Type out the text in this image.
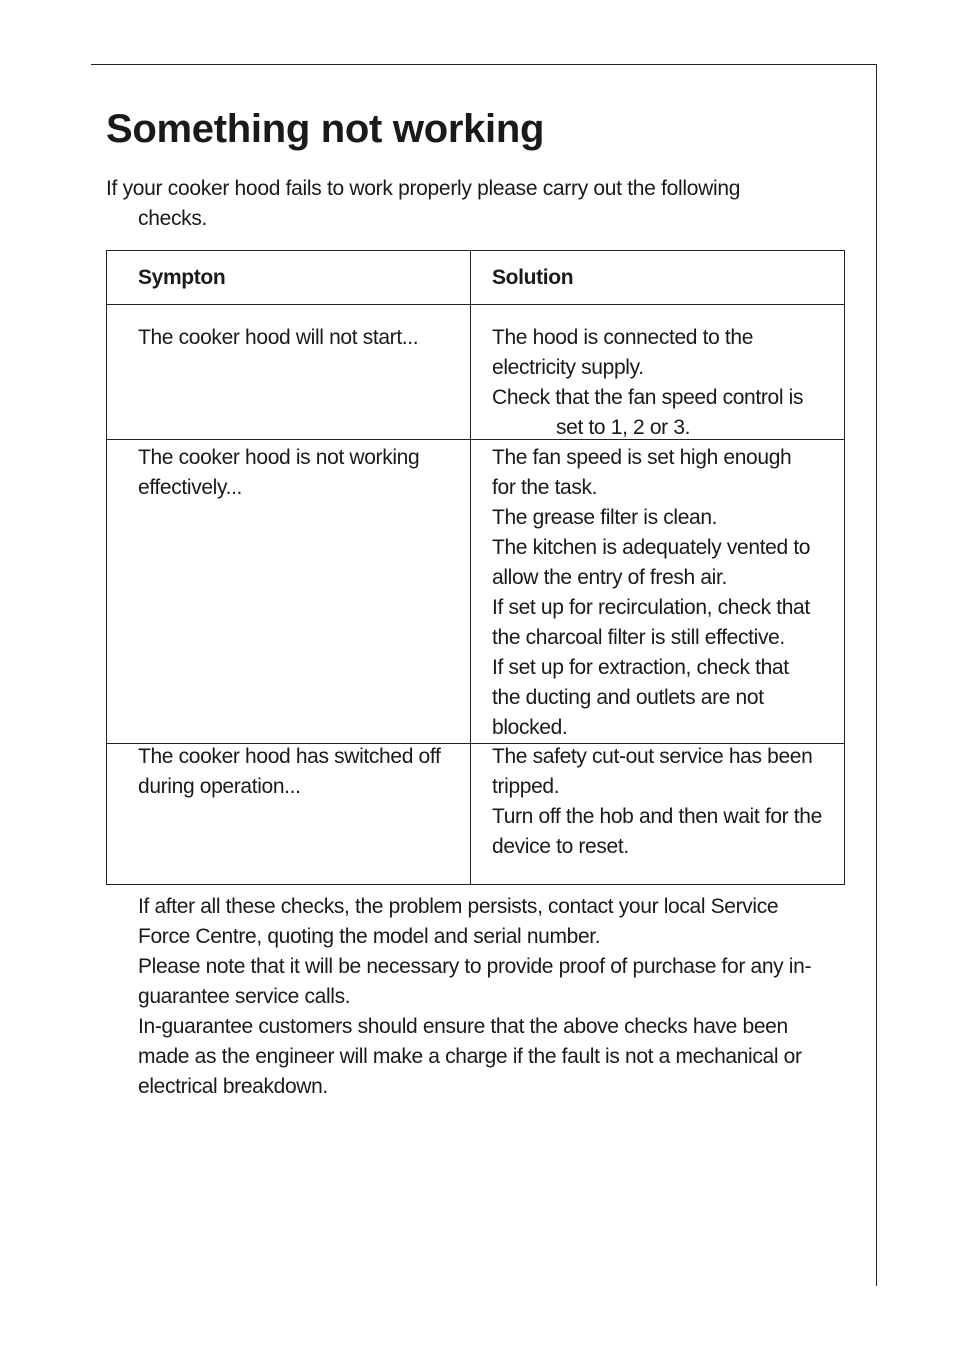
Something not working
If your cooker hood fails to work properly please carry out the following
checks.
Sympton	Solution
The cooker hood will not start...	The hood is connected to the
electricity supply.
Check that the fan speed control is
set to 1, 2 or 3.
The cooker hood is not working
effectively...
The fan speed is set high enough
for the task.
The grease filter is clean.
The kitchen is adequately vented to
allow the entry of fresh air.
If set up for recirculation, check that
the charcoal filter is still effective.
If set up for extraction, check that
the ducting and outlets are not
blocked.
The cooker hood has switched off
during operation...
The safety cut-out service has been
tripped.
Turn off the hob and then wait for the
device to reset.
If after all these checks, the problem persists, contact your local Service
Force Centre, quoting the model and serial number.
Please note that it will be necessary to provide proof of purchase for any in-
guarantee service calls.
In-guarantee customers should ensure that the above checks have been
made as the engineer will make a charge if the fault is not a mechanical or
electrical breakdown.
